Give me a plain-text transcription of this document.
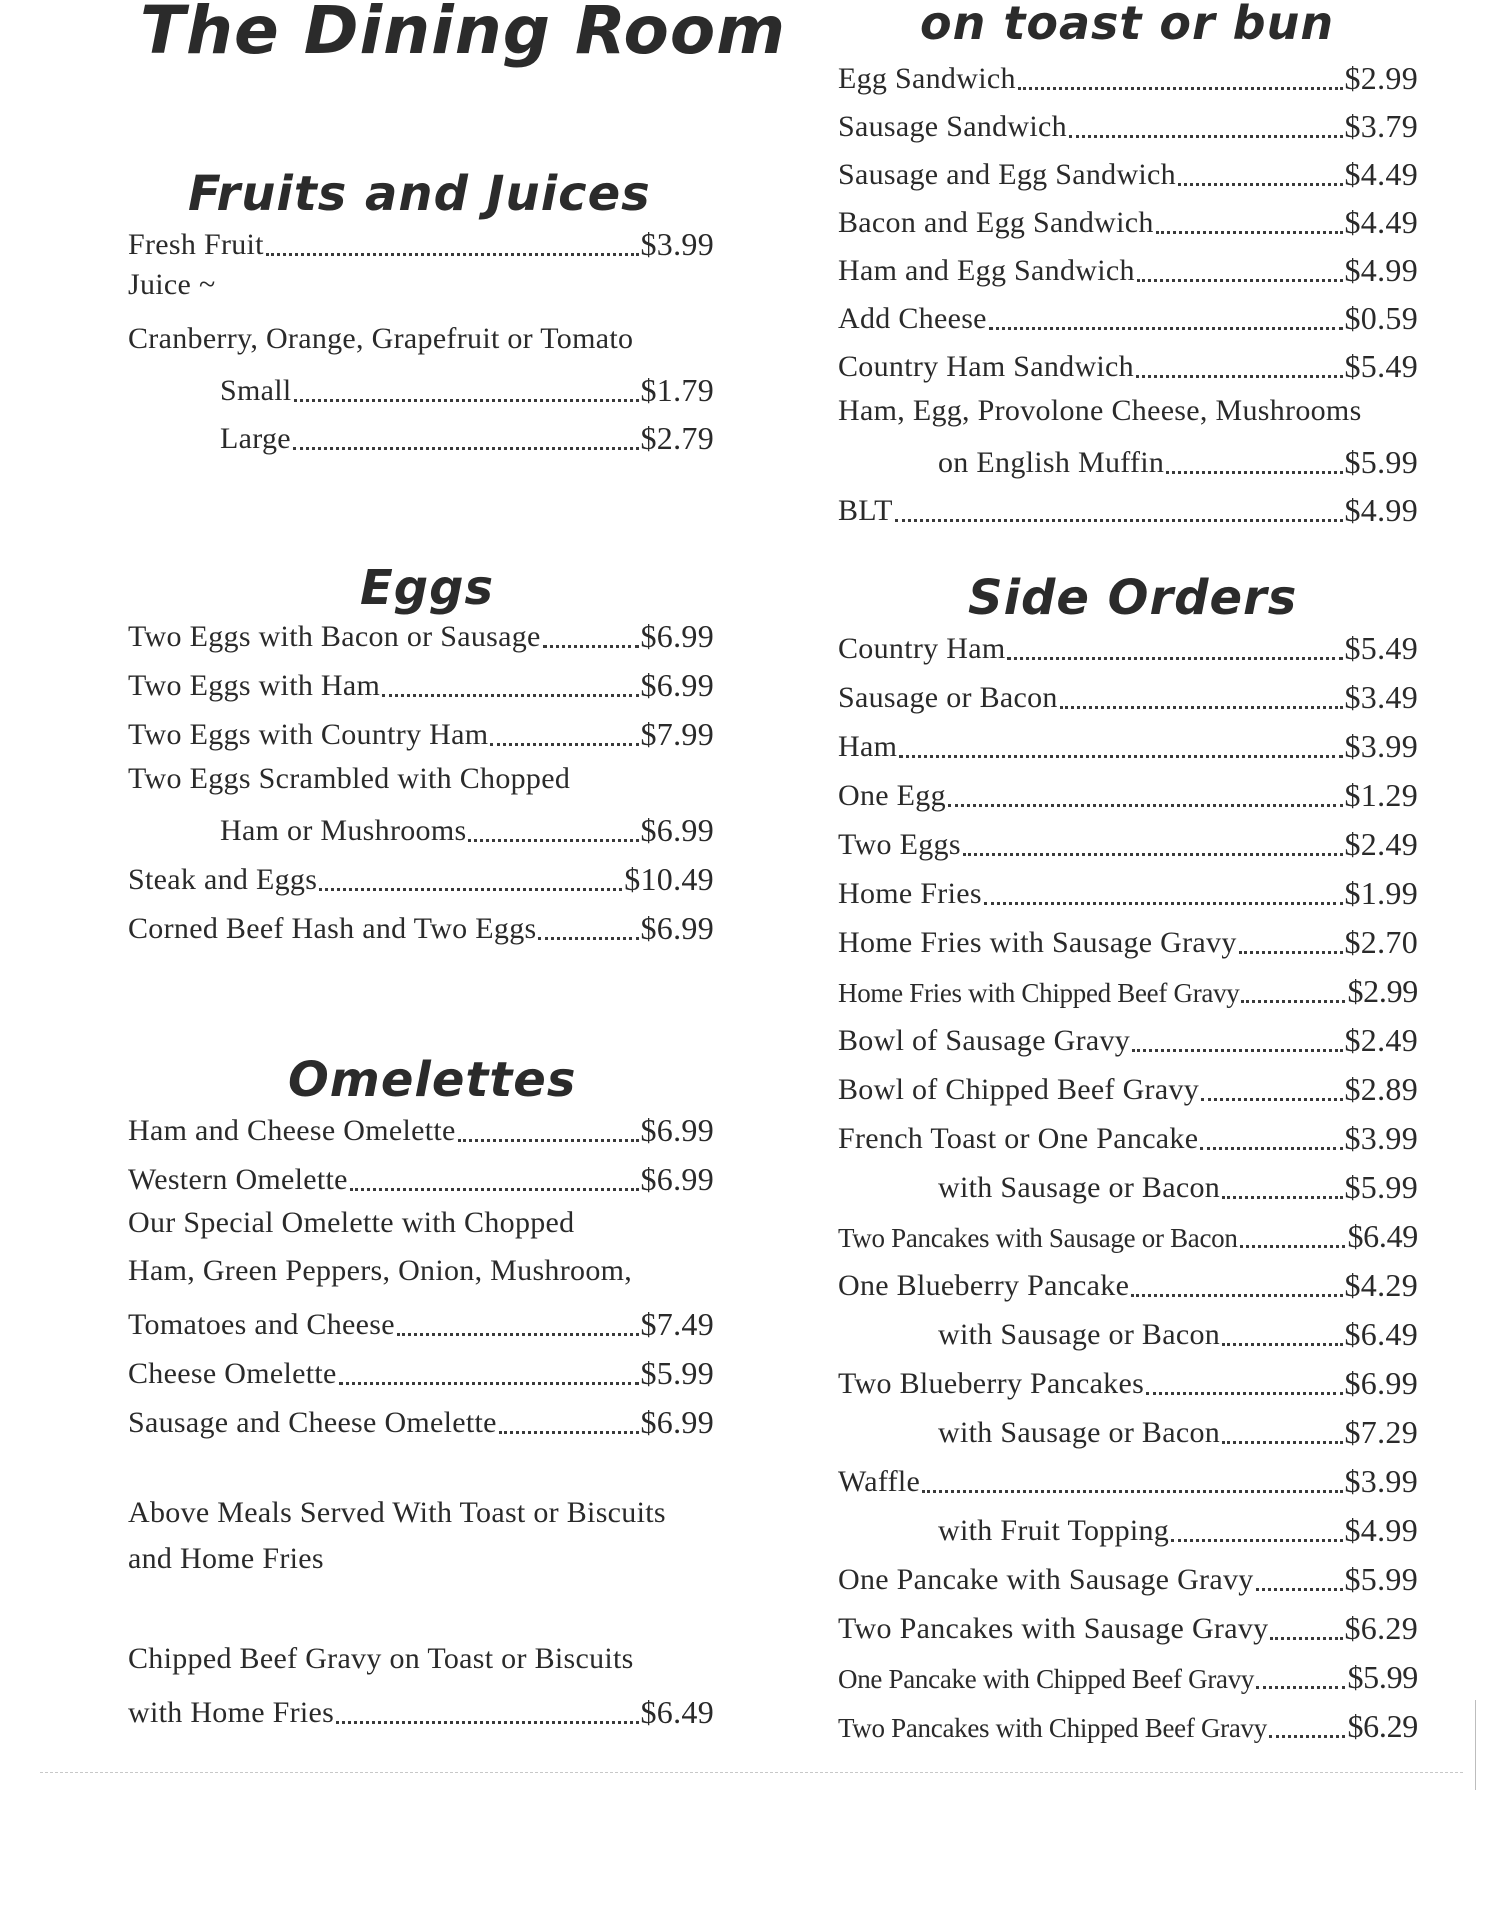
The Dining Room
Fruits and Juices
Fresh Fruit	$3.99
Juice ~
Cranberry, Orange, Grapefruit or Tomato
Small	$1.79
Large	$2.79
Eggs
Two Eggs with Bacon or Sausage	$6.99
Two Eggs with Ham	$6.99
Two Eggs with Country Ham	$7.99
Two Eggs Scrambled with Chopped
Ham or Mushrooms	$6.99
Steak and Eggs	$10.49
Corned Beef Hash and Two Eggs	$6.99
Omelettes
Ham and Cheese Omelette	$6.99
Western Omelette	$6.99
Our Special Omelette with Chopped
Ham, Green Peppers, Onion, Mushroom,
Tomatoes and Cheese	$7.49
Cheese Omelette	$5.99
Sausage and Cheese Omelette	$6.99
Above Meals Served With Toast or Biscuits
and Home Fries
Chipped Beef Gravy on Toast or Biscuits
with Home Fries	$6.49
on toast or bun
Egg Sandwich	$2.99
Sausage Sandwich	$3.79
Sausage and Egg Sandwich	$4.49
Bacon and Egg Sandwich	$4.49
Ham and Egg Sandwich	$4.99
Add Cheese	$0.59
Country Ham Sandwich	$5.49
Ham, Egg, Provolone Cheese, Mushrooms
on English Muffin	$5.99
BLT	$4.99
Side Orders
Country Ham	$5.49
Sausage or Bacon	$3.49
Ham	$3.99
One Egg	$1.29
Two Eggs	$2.49
Home Fries	$1.99
Home Fries with Sausage Gravy	$2.70
Home Fries with Chipped Beef Gravy	$2.99
Bowl of Sausage Gravy	$2.49
Bowl of Chipped Beef Gravy	$2.89
French Toast or One Pancake	$3.99
with Sausage or Bacon	$5.99
Two Pancakes with Sausage or Bacon	$6.49
One Blueberry Pancake	$4.29
with Sausage or Bacon	$6.49
Two Blueberry Pancakes	$6.99
with Sausage or Bacon	$7.29
Waffle	$3.99
with Fruit Topping	$4.99
One Pancake with Sausage Gravy	$5.99
Two Pancakes with Sausage Gravy $6.29
One Pancake with Chipped Beef Gravy	$5.99
Two Pancakes with Chipped Beef Gravy	$6.29
